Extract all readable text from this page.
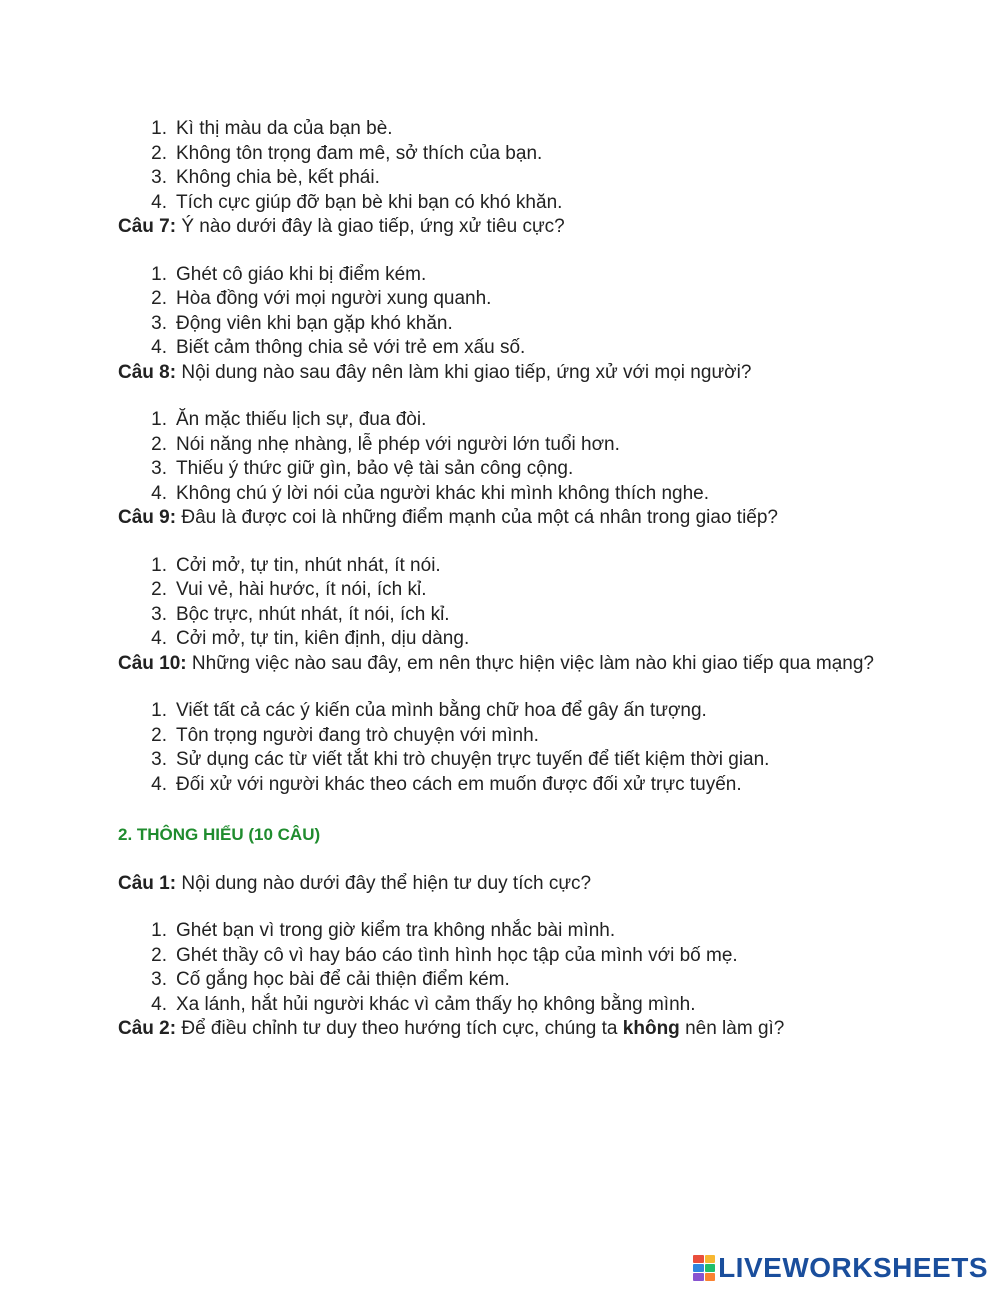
1. Kì thị màu da của bạn bè.
2. Không tôn trọng đam mê, sở thích của bạn.
3. Không chia bè, kết phái.
4. Tích cực giúp đỡ bạn bè khi bạn có khó khăn.

Câu 7: Ý nào dưới đây là giao tiếp, ứng xử tiêu cực?

1. Ghét cô giáo khi bị điểm kém.
2. Hòa đồng với mọi người xung quanh.
3. Động viên khi bạn gặp khó khăn.
4. Biết cảm thông chia sẻ với trẻ em xấu số.

Câu 8: Nội dung nào sau đây nên làm khi giao tiếp, ứng xử với mọi người?

1. Ăn mặc thiếu lịch sự, đua đòi.
2. Nói năng nhẹ nhàng, lễ phép với người lớn tuổi hơn.
3. Thiếu ý thức giữ gìn, bảo vệ tài sản công cộng.
4. Không chú ý lời nói của người khác khi mình không thích nghe.

Câu 9: Đâu là được coi là những điểm mạnh của một cá nhân trong giao tiếp?

1. Cởi mở, tự tin, nhút nhát, ít nói.
2. Vui vẻ, hài hước, ít nói, ích kỉ.
3. Bộc trực, nhút nhát, ít nói, ích kỉ.
4. Cởi mở, tự tin, kiên định, dịu dàng.

Câu 10: Những việc nào sau đây, em nên thực hiện việc làm nào khi giao tiếp qua mạng?

1. Viết tất cả các ý kiến của mình bằng chữ hoa để gây ấn tượng.
2. Tôn trọng người đang trò chuyện với mình.
3. Sử dụng các từ viết tắt khi trò chuyện trực tuyến để tiết kiệm thời gian.
4. Đối xử với người khác theo cách em muốn được đối xử trực tuyến.
2. THÔNG HIỂU (10 CÂU)

Câu 1: Nội dung nào dưới đây thể hiện tư duy tích cực?

1. Ghét bạn vì trong giờ kiểm tra không nhắc bài mình.
2. Ghét thầy cô vì hay báo cáo tình hình học tập của mình với bố mẹ.
3. Cố gắng học bài để cải thiện điểm kém.
4. Xa lánh, hắt hủi người khác vì cảm thấy họ không bằng mình.

Câu 2: Để điều chỉnh tư duy theo hướng tích cực, chúng ta không nên làm gì?

LIVEWORKSHEETS
